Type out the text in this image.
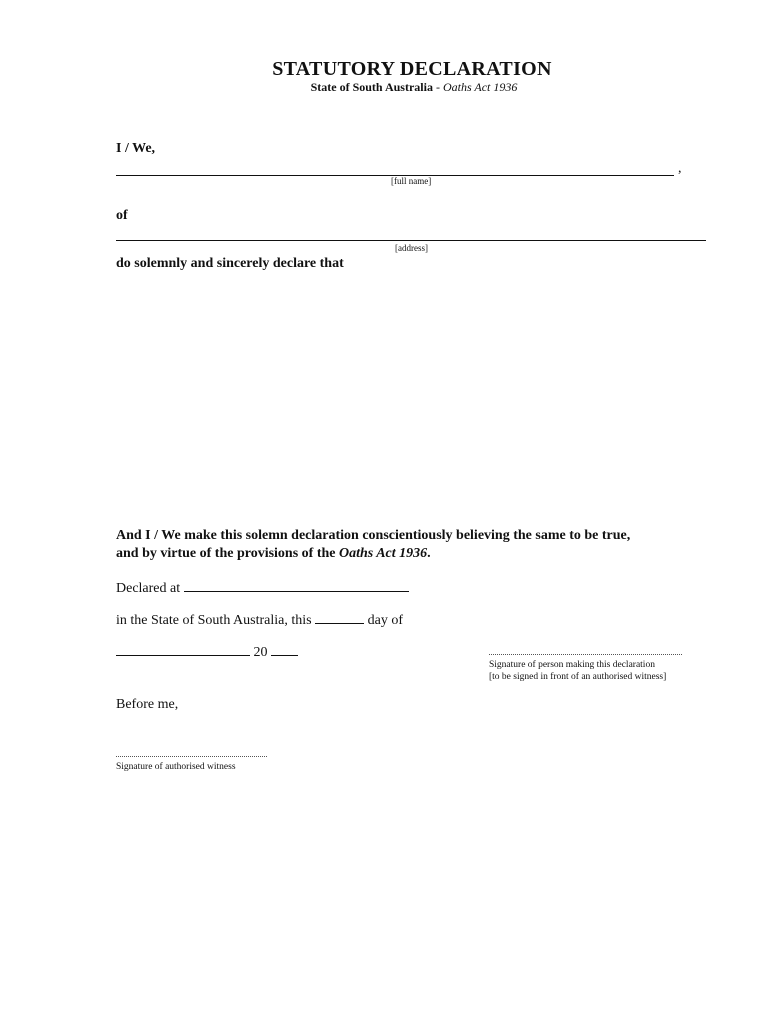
STATUTORY DECLARATION
State of South Australia - Oaths Act 1936
I / We,
,
[full name]
of
[address]
do solemnly and sincerely declare that
And I / We make this solemn declaration conscientiously believing the same to be true,
and by virtue of the provisions of the Oaths Act 1936.
Declared at
in the State of South Australia, this	day of
20
Signature of person making this declaration
[to be signed in front of an authorised witness]
Before me,
Signature of authorised witness
